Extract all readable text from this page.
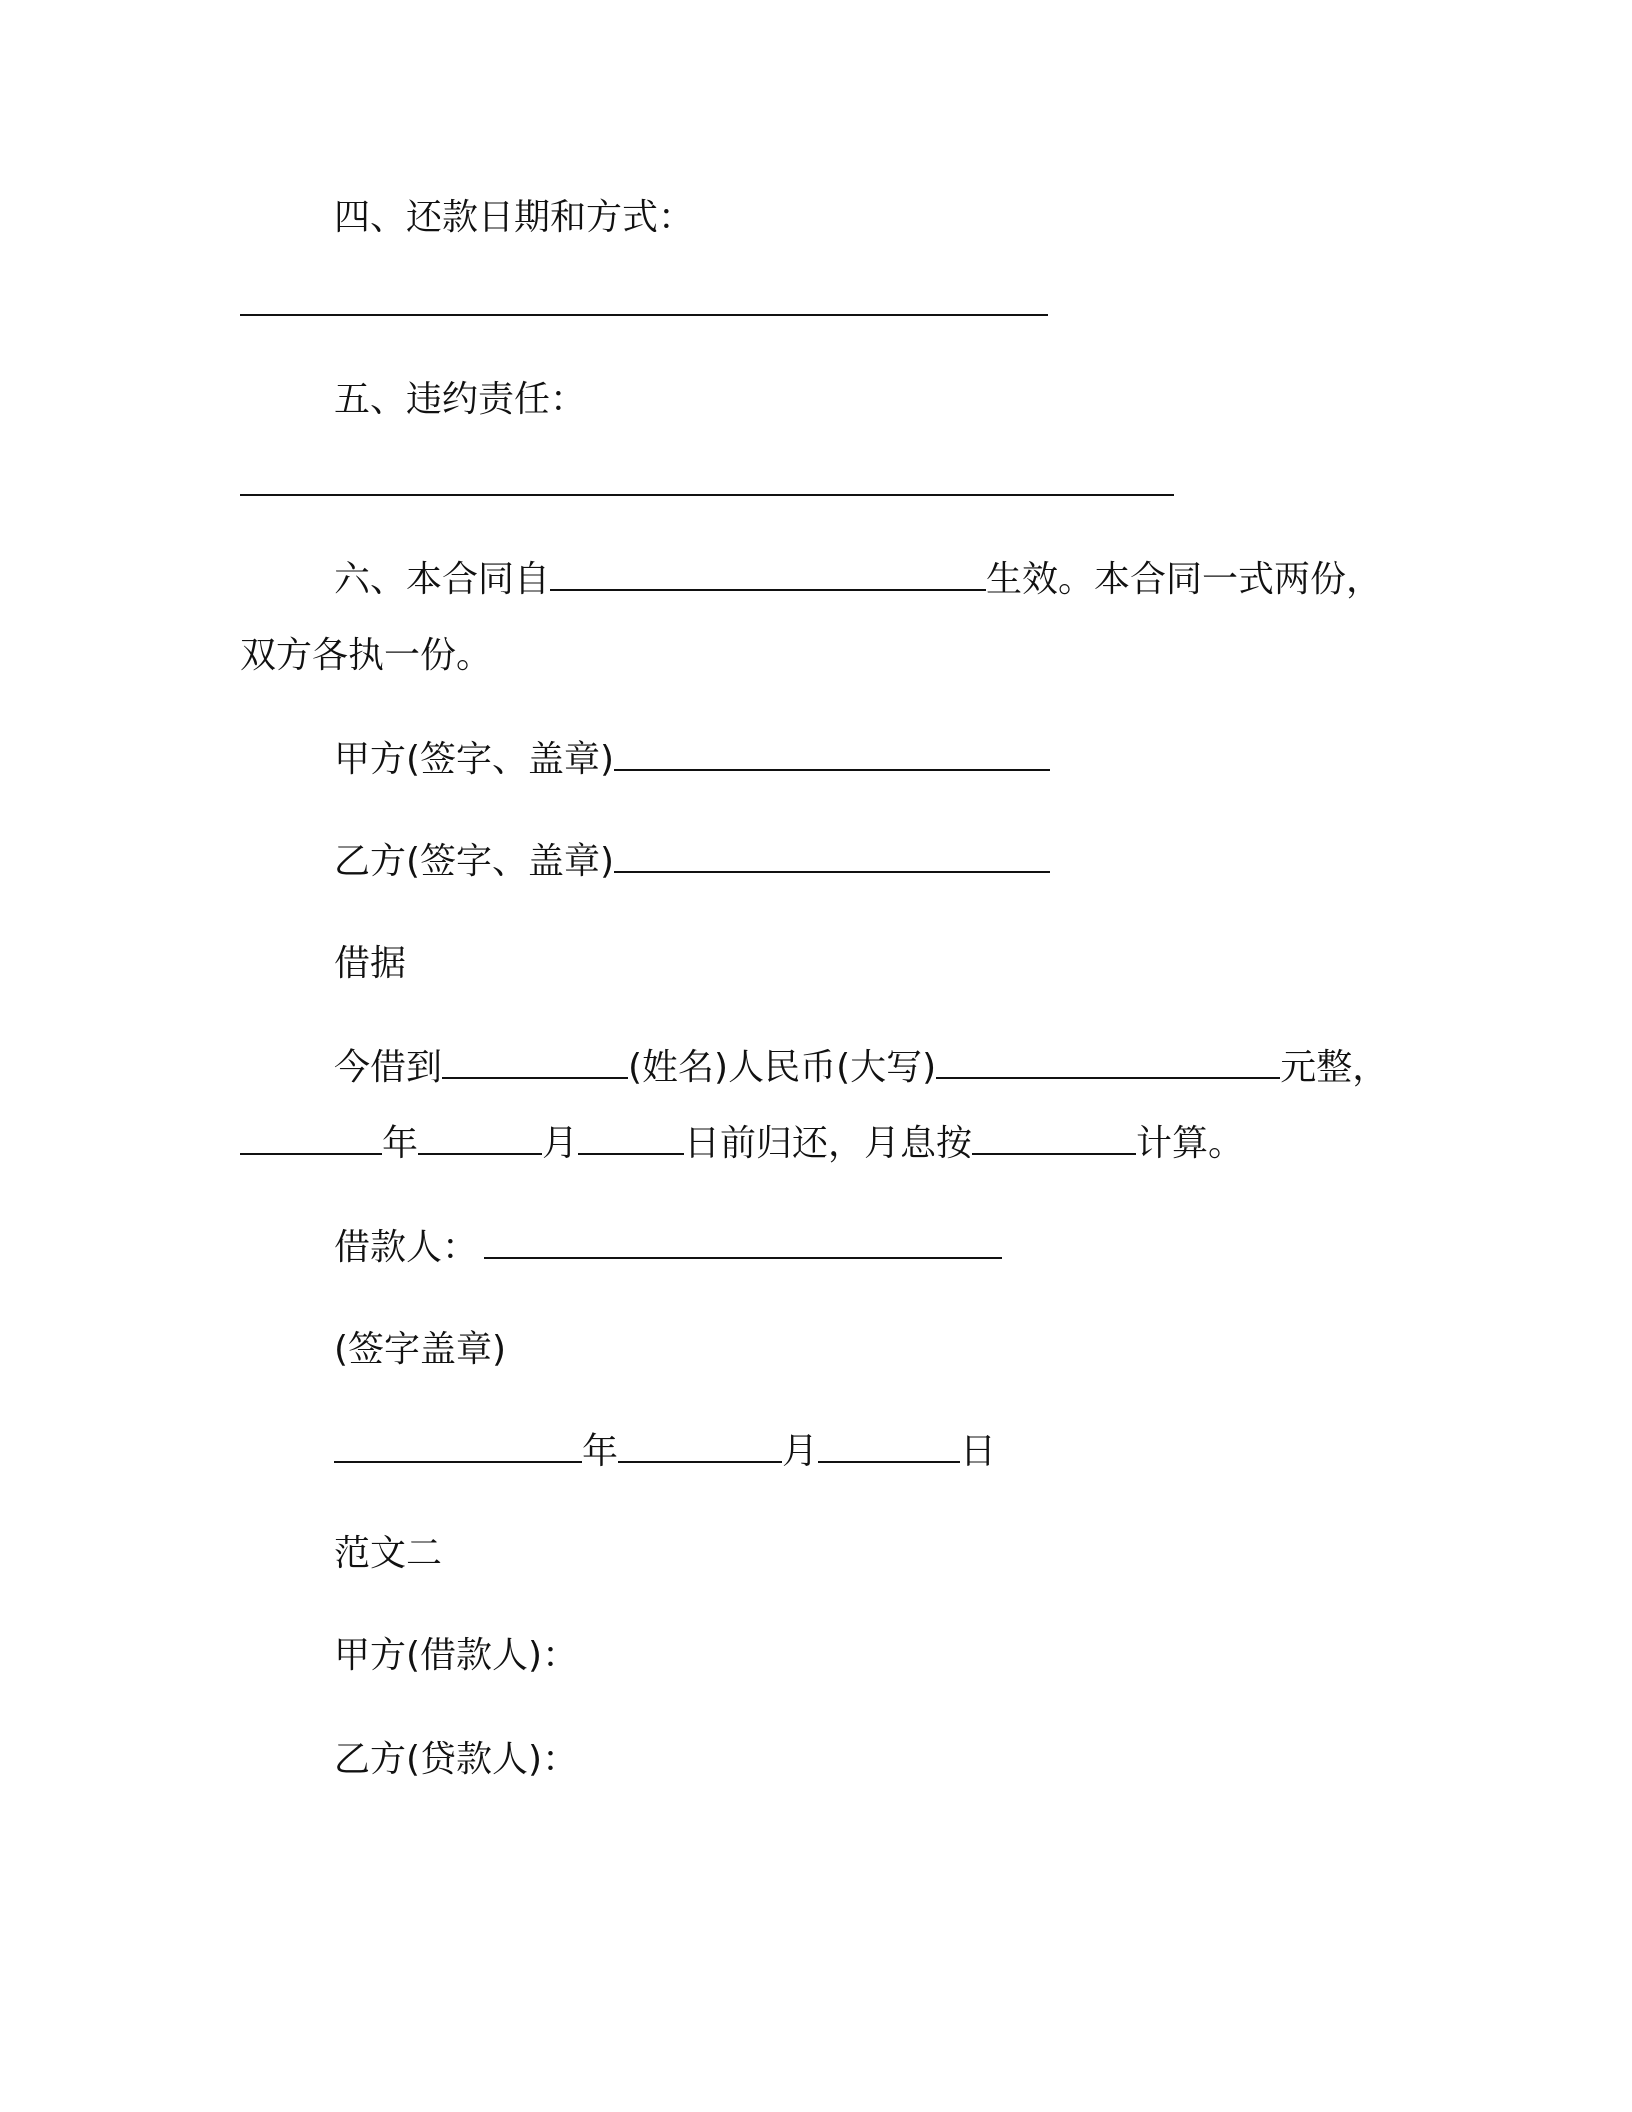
四、还款日期和方式：
五、违约责任：
六、本合同自	生效。本合同一式两份，
双方各执一份。
甲方(签字、盖章)
乙方(签字、盖章)
借据
今借到	(姓名)人民币(大写)	元整，
年	月	日前归还，月息按	计算。
借款人：
(签字盖章)
年	月	日
范文二
甲方(借款人)：
乙方(贷款人)：
